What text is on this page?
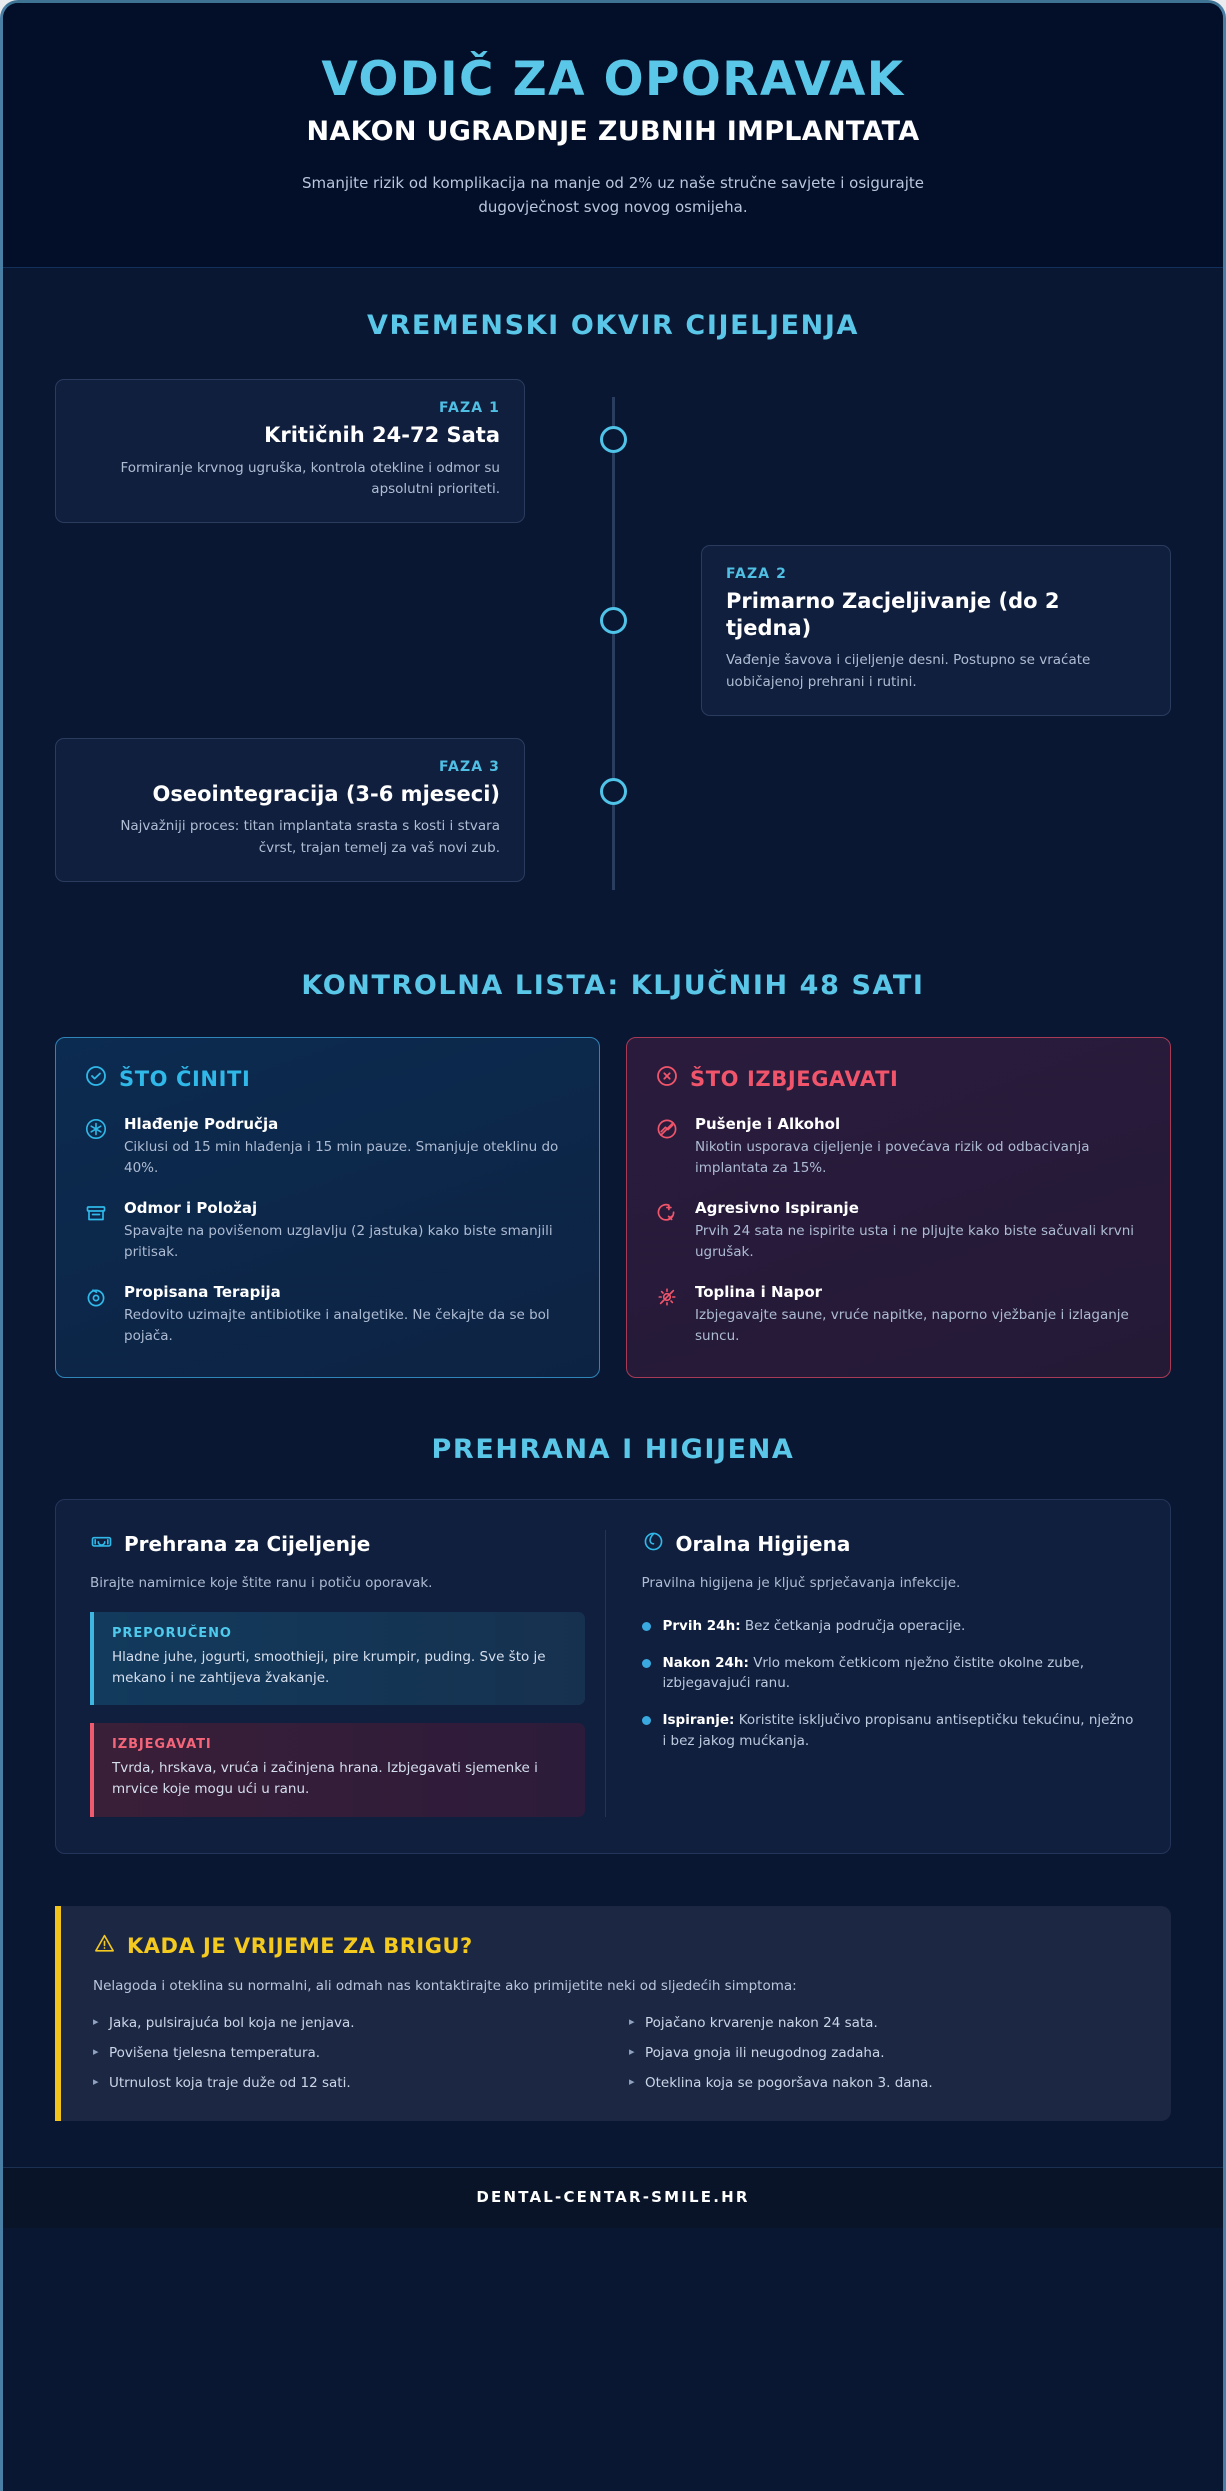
VODIČ ZA OPORAVAK
NAKON UGRADNJE ZUBNIH IMPLANTATA

Smanjite rizik od komplikacija na manje od 2% uz naše stručne savjete i osigurajte dugovječnost svog novog osmijeha.

VREMENSKI OKVIR CIJELJENJA
FAZA 1
Kritičnih 24-72 Sata
Formiranje krvnog ugruška, kontrola otekline i odmor su apsolutni prioriteti.
FAZA 2
Primarno Zacjeljivanje (do 2 tjedna)
Vađenje šavova i cijeljenje desni. Postupno se vraćate uobičajenoj prehrani i rutini.
FAZA 3
Oseointegracija (3-6 mjeseci)
Najvažniji proces: titan implantata srasta s kosti i stvara čvrst, trajan temelj za vaš novi zub.
KONTROLNA LISTA: KLJUČNIH 48 SATI
ŠTO ČINITI
Hlađenje Područja
Ciklusi od 15 min hlađenja i 15 min pauze. Smanjuje oteklinu do 40%.
Odmor i Položaj
Spavajte na povišenom uzglavlju (2 jastuka) kako biste smanjili pritisak.
Propisana Terapija
Redovito uzimajte antibiotike i analgetike. Ne čekajte da se bol pojača.
ŠTO IZBJEGAVATI
Pušenje i Alkohol
Nikotin usporava cijeljenje i povećava rizik od odbacivanja implantata za 15%.
Agresivno Ispiranje
Prvih 24 sata ne ispirite usta i ne pljujte kako biste sačuvali krvni ugrušak.
Toplina i Napor
Izbjegavajte saune, vruće napitke, naporno vježbanje i izlaganje suncu.
PREHRANA I HIGIJENA
Prehrana za Cijeljenje
Birajte namirnice koje štite ranu i potiču oporavak.
PREPORUČENO
Hladne juhe, jogurti, smoothieji, pire krumpir, puding. Sve što je mekano i ne zahtijeva žvakanje.
IZBJEGAVATI
Tvrda, hrskava, vruća i začinjena hrana. Izbjegavati sjemenke i mrvice koje mogu ući u ranu.
Oralna Higijena
Pravilna higijena je ključ sprječavanja infekcije.
Prvih 24h: Bez četkanja područja operacije.
Nakon 24h: Vrlo mekom četkicom nježno čistite okolne zube, izbjegavajući ranu.
Ispiranje: Koristite isključivo propisanu antiseptičku tekućinu, nježno i bez jakog mućkanja.
KADA JE VRIJEME ZA BRIGU?
Nelagoda i oteklina su normalni, ali odmah nas kontaktirajte ako primijetite neki od sljedećih simptoma:
▸ Jaka, pulsirajuća bol koja ne jenjava.	▸ Pojačano krvarenje nakon 24 sata.
▸ Povišena tjelesna temperatura.	▸ Pojava gnoja ili neugodnog zadaha.
▸ Utrnulost koja traje duže od 12 sati.	▸ Oteklina koja se pogoršava nakon 3. dana.
DENTAL-CENTAR-SMILE.HR
